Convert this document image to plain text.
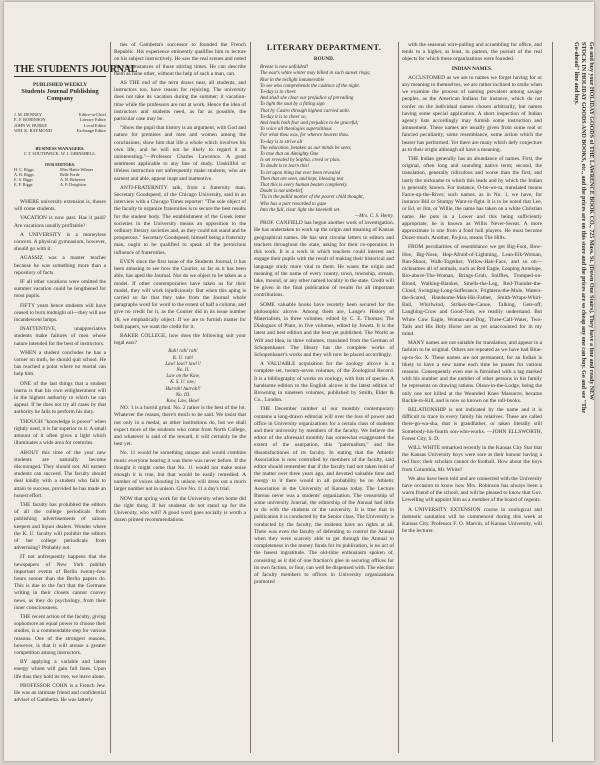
THE STUDENTS JOURNAL
PUBLISHED WEEKLY
Students Journal Publishing Company
J. M. DENNEY	Editor-in-Chief
E. F. ROBINSON	Literary Editor
JOHN W. BURKE	Local Editor
WM. K. RAYMOND	Exchange Editor
BUSINESS MANAGERS.
C.T. SOUTHWICK. W. J. GRINSHELL.
OUR EDITORS.
H. C. Riggs	Miss Hattie Wilmer
A. B. Riggs	Belle Forde
E. S. Riggs	A. B. Beheeser
E. F. Riggs	A. P. Dwighton

WHERE university extension is, thoses will come students.

VACATION is now past. Has it paid? Are vacations usually profitable?

A UNIVERSITY is a moneyless concern. A physical gymnasium, however, should go with it.

AGASSIZ was a master teacher because he was something more than a repository of facts.

IF all other vacations were omitted the summer vacation could be lengthened for most pupils.

FIFTY years hence students will have ceased to burn midnight oil—they will use incandescent lamps.

INATTENTIVE, unappreciative students make failures of men whose nature intended for the best of instructors.

WHEN a student concludes he has a corner on truth, he should quit school. He has reached a point where no mortal can help him.

ONE of the last things that a student learns is that his own enlightenment will in the highest authority to which he can appeal. If he does not try all cases by that authority he fails to perform his duty.

THOUGH "knowledge is power" when rightly used, it is far superior to it. A small amount of it often gives a light which illuminates a wide area for centuries.

ABOUT this time of the year new students are naturally become discouraged. They should not. All earnest students can succeed. The faculty should deal kindly with a student who fails to attain to success, provided he has made an honest effort.

THE faculty has prohibited the editors of all the college periodicals from publishing advertisements of saloon keepers and liquor dealers. Wonder where the K. U. faculty will prohibit the editors of her college periodicals from advertising? Probably not.

IT not unfrequently happens that the newspapers of New York publish important events of Berlin twenty-four hours sooner than the Berlin papers do. This is due to the fact that the Germans writing in their closets cannot convey news, as they do psychology, from their inner consciousness.

THE recent action of the faculty, giving sophomore an equal power to choose their studies, is a commendable step for various reasons. One of the strongest reasons, however, is that it will arouse a greater competition among instructors.

BY applying a variable and latent energy whom will gain full lines. Upon life thus they hold its tree, we leave alone.

PROFESSOR COHN is a French Jew. He was an intimate friend and confidential adviser of Gambetta. He was latterly

ties of Gambetta's successor to founded the French Republic. His experience eminently qualifies him to lecture on his subject instructively. He saw the real scenes and noted the circumstances of those stirring times. He can describe them as none other, without the help of such a man, can.

AS THE end of the term draws near, all students, and instructors too, have reason for rejoicing. The university does not take its vacation during the summer; it vacation-time while the professors are not at work. Hence the idea of instructors and students need, as far as possible, the particular case may be.

"Show the pupil that history is an argument, with God and nature for premises and men and women among the conclusions; show him that life a whole which involves his own life, and he will not be likely to regard it as uninteresting."—Professor Charles Lawrence. A good sentiment applicable to any line of study. Unskillful or lifeless instruction not unfrequently make students, who are earnest and able, appear inapt and inattentive.

ANTI-FRATERNITY talk, from a fraternity man. Secretary Goodspeed, of the Chicago University, said in an interview with a Chicago Times reporter: "The sole object of the faculty to organize fraternities is to secure the best results for the student body. The establishment of the Greek letter societies in the University means an opposition to the ordinary literary societies and, as they could not stand and be prosperous." Secretary Goodspeed, himself being a fraternity man, ought to be qualified to speak of the pernicious influence of fraternities.

EVEN since the first issue of the Students Journal, it has been amusing to see how the Courier, so far as it has been able, has aped the Journal. Nor do we object to be taken as a model. If other contemporaries have taken us for their model, they will work injudiciously. But when this aping is carried so far that they take from the Journal whole paragraphs word for word to the extent of half a column, and give no credit for it, as the Courier did in its issue number 18, we emphatically object. If we are to furnish matter for both papers, we want the credit for it.

BAKER COLLEGE, how does the following suit your legal ears?

Rah! rah! rah!
K. U. rah!
Law! law!! law!!!
No. II.
Law on the Kaw,
K. S. U. law;
Hurrah! hurrah!!
No. III.
Kaw, Law, Haw!

NO. 1 is a horrid grind. No. 2 rather is the best of the lot. Whatever the reason, there's much to be said. We insist that not only in a medal, as other institutions do, but we shall expect more of the students who come from North College, and whatever is said of the reward, it will certainly be the best yet.

No. 11 would be something unique and would combine music everyone hearing it was there was never before. If the thought it might come that No. 11 would not make noise enough it is true, but that would be easily remedied. A number of voices shouting in unison will dress out a much larger number not in unison. Give No. 11 a day's trial.

NOW that spring work for the University when home did the right thing. If her students do not stand up for the University, who will? A good word goes socially is worth a dozen printed recommendations.

LITERARY DEPARTMENT.
ROUND.
Breeze is now unfolded!
The east's white winter may billed in such sunset rings;
Rise in the twilight innumerable
To see who comprehends the cadence of the night.
To-day is to cheer.
And shall she clear our prejudice of prevailing
To light the soul by a fitting sign
That by Castro through highest carried unlit.
To-day it is to cheer so,
And leads both fear and prejudice to be graceful;
To voice all theologies superstitious
For what thou was, for whence heaven thou.
To-day is to strive all
The education, betaken as our minds be seen;
To true that an Almighty One
Is set revealed by Sophia, creed or plan.
To doubt is to learn this!
To let upon thing but ever been revealed
Then that are seen, and kept, blessing test
That this is every human beaten completely.
Doubt is not unbelief,
'Tis in the pallid mother of the poorer child thought,
Who has a part rewarded to gaze
Into the full, clear light she kneeleth set.
—Mrs. C. S. Henry.

PROF. CANFIELD has begun another work of investigation. He has undertaken to work up the origin and meaning of Kansas geographical names. He has sent circular letters to editors and teachers throughout the state, asking for their co-operation in this work. It is a work in which teachers could interest and engage their pupils with the result of making their historical and language study more vital to them. He wants the origin and meaning of the name of every county, town, township, stream, lake, mound, or any other named locality in the state. Credit will be given in the final publication of results for all important contributions.

SOME valuable books have recently been secured for the philosophic alcove. Among them are, Lange's History of Materialism, in three volumes, edited by C. E. Thomas; The Dialogues of Plato, in five volumes, edited by Jowett. It is the latest and best edition and the best yet published. The World as Will and Idea, in three volumes, translated from the German of Schopenhauer. The library has the complete works of Schopenhauer's works and they will now be placed accordingly.

A VALUABLE acquisition for the zoology alcove is a complete set, twenty-seven volumes, of the Zoological Record. It is a bibliography of works on zoology, with lists of species. A handsome edition to the English alcove is the latest edition of Browning in nineteen volumes, published by Smith, Elder & Co., London.

THE December number of our monthly contemporary contains a long-drawn editorial will over the loss of power and office in University organizations for a certain class of students and their university by members of the faculty. We believe the editor of the aforesaid monthly has somewhat exaggerated the extent of the usurpation, this "paternalism," and the dissatisfactiones of its faculty. In stating that the Athletic Association is now controlled by members of the faculty, said editor should remember that if the faculty had not taken hold of the matter over three years ago, and devoted valuable time and energy to it there would in all probability be no Athletic Association in the University of Kansas today. The Lecture Bureau never was a students' organization. The censorship of some university Journal, the editorship of the Annual had little to do with the students or the university. It is true that in publication it is conducted by the Senior class. The University is conducted by the faculty, the students have no rights at all. There was even the faculty of defending to control the Annual when they were scarcely able to get through the Annual to completeness in the money funds for its publication, is no act of the basest ingratitude. The old-time enthusiasm spoken of, consisting as it did of one fraction's glee in securing offices for its own faction, or four, can well be dispensed with. The election of faculty members to offices in University organizations promoted

with the seasonal wire-pulling and scrambling for office, and tends to a higher, at least, in pattern, the pursuit of the real objects for which these organizations were founded.

INDIAN NAMES.

ACCUSTOMED as we are to names we forget having for or any meaning to themselves, we are rather inclined to smile when we examine the process of naming prevalent among savage peoples, as the American Indians for instance, which do not confer on the individual names chosen arbitrarily, but names having some special application. A short inspection of Indian agency lists accordingly may furnish some instruction and amusement. These names are usually given from some real or fancied peculiarity, some resemblance, some action which the bearer has performed. Yet there are many which defy conjecture as to their origin although all have a meaning.

THE Indian generally has an abundance of names. First, the original, often long and sounding native term; second, the translation, generally ridiculous and worse than the first; and lastly the nickname to which this leads and by which the Indian is generally known. For instance, O-bo-we-ta, translated means Farce-up-the-River; such names, as in No. 1, we have, for instance Bill or Stumpy Want-to-fight. It is to be noted that Lee, or Ed, or Jim, or Willie, the name has taken on a white Christian name. He puts in a Lower and this being sufficiently appropriate, he is known as Willis Never-Sweat. A more approximate is one from a fond hull players. He must become Dozer-much. Another, Pa-jiva, means The Hills.

FROM peculiarities of resemblance we get Big-Foot, Bow-Hoe, Big-Nose, Hop-Afraid-of-Lightning, Lean-Elk-Woman, Run-Shoot, Walk-Together, Yellow-Hair-Face, and so on—nicknames all of animals, such as Red Eagle, Leaping Antelope, Rio-above-The-Woman, Brings-Grub, Sniffles, Tromped-on-Blood, Walking-Blanket, Smells-the-Log, Red-Thunder-the-Cloud, Swinging-Long-Sufferance, Frightens-the-Mule, Waters-the-Scared, Handsome-Man-His-Father, Smith-Wraps-Whirl-Bull, Whirlwind, Strikes-the-Canoe, Talking, Gets-off, Laughing-Crow and Good-Tom, we readily understand. But White Cow Eagle, Woman-and-Dog, Three-Calf-Water, Two-Tails and His Holy Horse are as yet unaccounted for in my mind.

MANY names are not suitable for translation, and appear in a fashion to be original. Others are repeated as we have had Blue-up-to-So. X. These names are not permanent, for an Indian is likely to have a new name each time he passes for various reasons. Consequently even one is furnished with a tag marked with his number and the number of other persons in his family he represents on drawing rations. Olson-in-the-Lodge, being the only one not killed at the Wounded Knee Massacre, became Buckle-to-Kill, and is now so known on the roll-books.

RELATIONSHIP is not indicated by the name and it is difficult to trace in every family his relatives. These are called there-go-wa-sha, that is grandfather, or taken literally still Somebody-his-fourth son-who-works. —JOHN ELLSWORTH, Forest City, S. D.

WILL WHITE remarked recently in the Kansas City Star that the Kansas University boys were sore at their honour having a red face; their scholars cannot do football. How about the boys from Columbia, Mr. White?

We also have been told and are connected with the University have occasion to know how Mrs. Robinson has always been a warm friend of the school, and will be pleased to know that Gov. Lewelling will appoint him as a member of the board of regents.

A UNIVERSITY EXTENSION course in zoological and domestic sanitation will be commenced during this week at Kansas City. Professor F. O. Marvin, of Kansas University, will be the lecturer.

Go and buy your HOLIDAY GOODS of THE LAWRENCE BOOK CO., 725 Mass. St. [Down One Stairs]. They have a fine and ready NEW STOCK IN HOLIDAY GOODS AND BOOKS, etc., and the prices are on this store and the prices are so cheap any one can buy. Go and see "The Go-ahead" line and buy.
